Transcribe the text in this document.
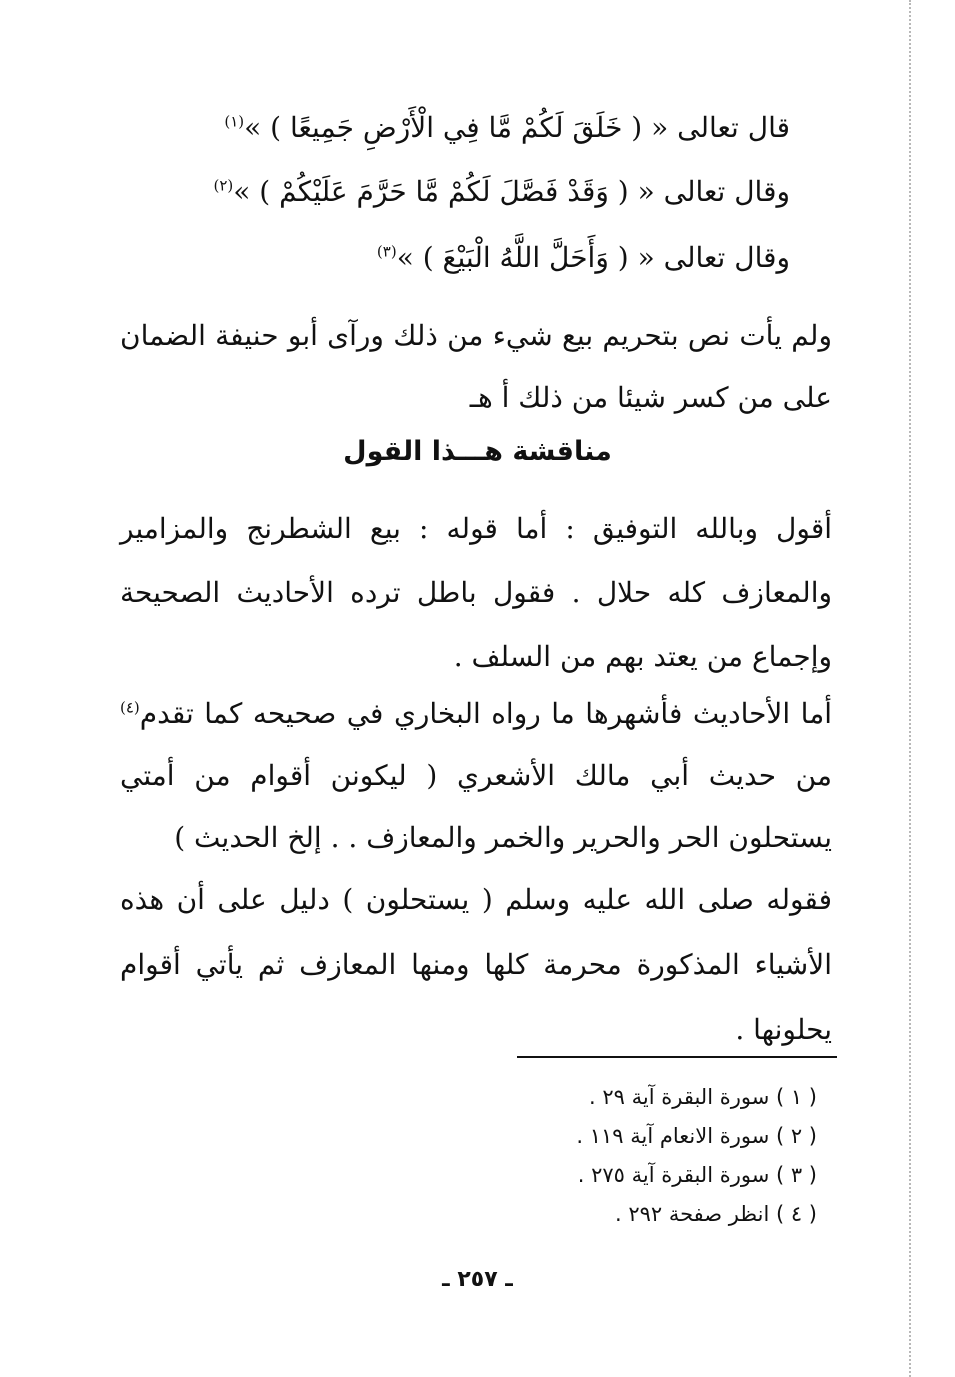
قال تعالى « ( خَلَقَ لَكُمْ مَّا فِي الْأَرْضِ جَمِيعًا ) »$^{(١)}$
وقال تعالى « ( وَقَدْ فَصَّلَ لَكُمْ مَّا حَرَّمَ عَلَيْكُمْ ) »$^{(٢)}$
وقال تعالى « ( وَأَحَلَّ اللَّهُ الْبَيْعَ ) »$^{(٣)}$
ولم يأت نص بتحريم بيع شيء من ذلك ورآى أبو حنيفة الضمان على من كسر شيئا من ذلك أ هـ
مناقشة هـــذا القول
أقول وبالله التوفيق : أما قوله : بيع الشطرنج والمزامير والمعازف كله حلال . فقول باطل ترده الأحاديث الصحيحة وإجماع من يعتد بهم من السلف .
أما الأحاديث فأشهرها ما رواه البخاري في صحيحه كما تقدم$^{(٤)}$ من حديث أبي مالك الأشعري ( ليكونن أقوام من أمتي يستحلون الحر والحرير والخمر والمعازف . . إلخ الحديث )
فقوله صلى الله عليه وسلم ( يستحلون ) دليل على أن هذه الأشياء المذكورة محرمة كلها ومنها المعازف ثم يأتي أقوام يحلونها .
( ١ ) سورة البقرة آية ٢٩ .
( ٢ ) سورة الانعام آية ١١٩ .
( ٣ ) سورة البقرة آية ٢٧٥ .
( ٤ ) انظر صفحة ٢٩٢ .
ـ ٢٥٧ ـ
